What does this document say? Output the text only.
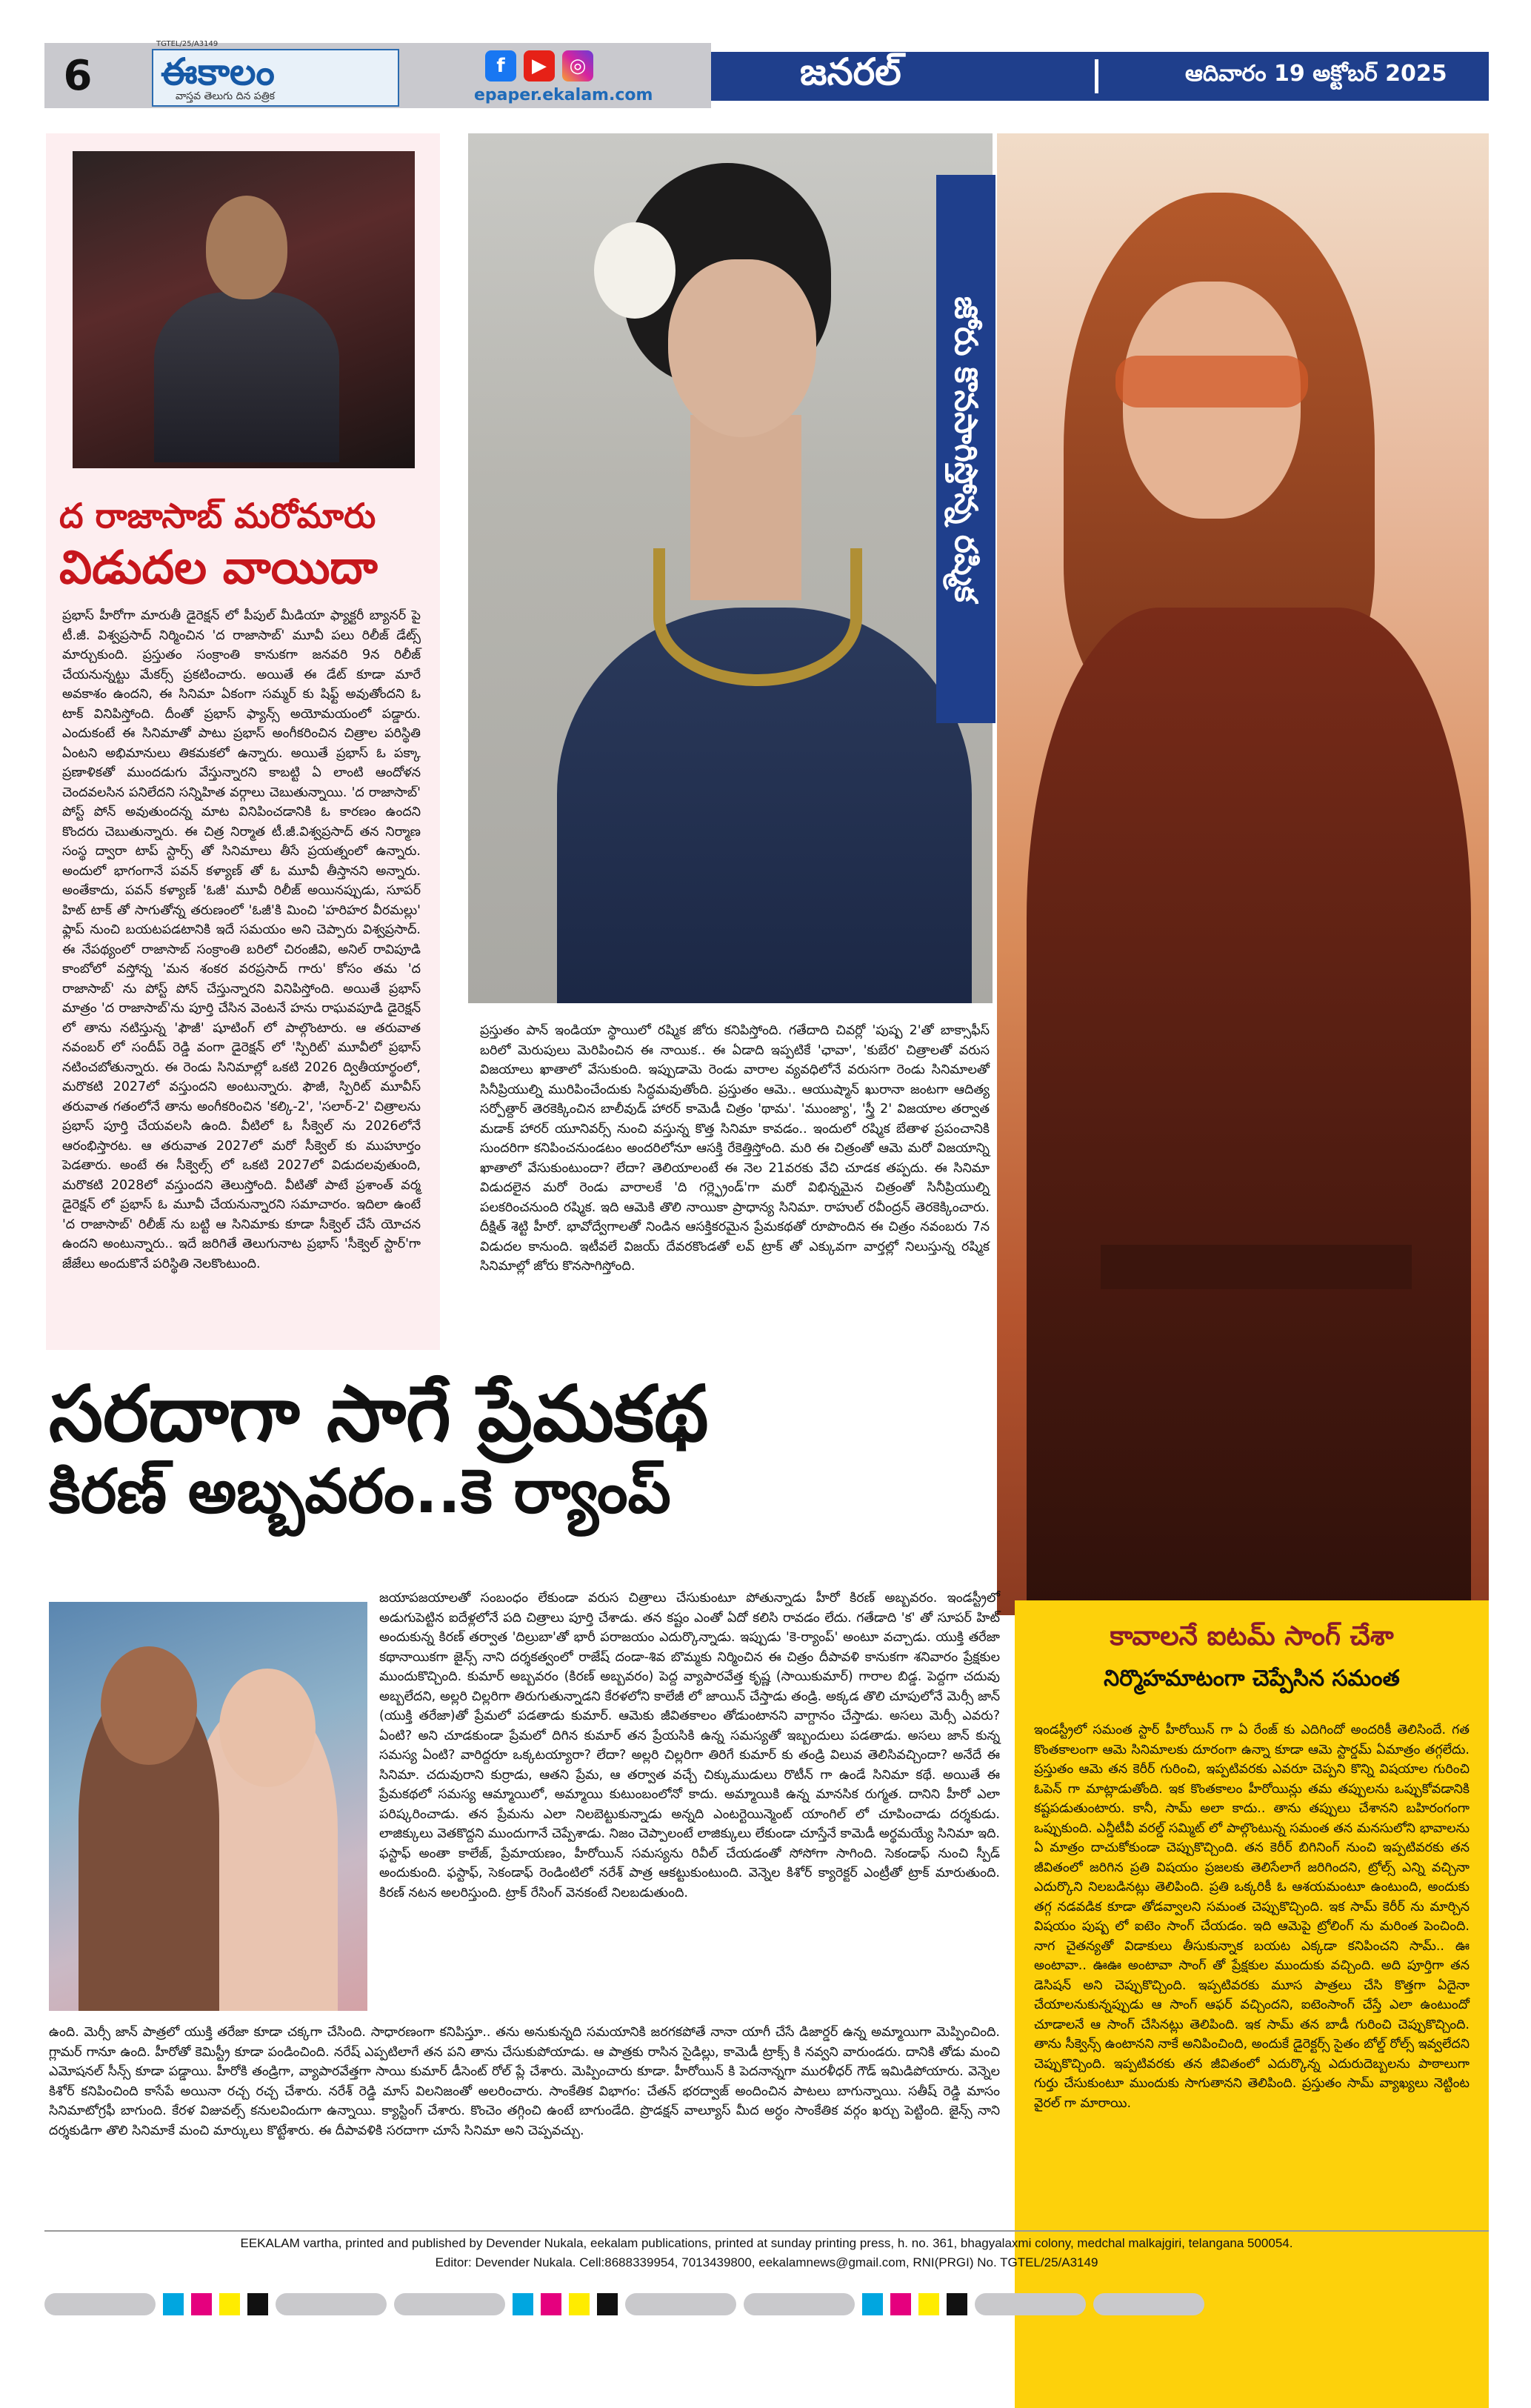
6
TGTEL/25/A3149
ఈకాలం
వాస్తవ తెలుగు దిన పత్రిక
f	▶	◎
epaper.ekalam.com
జనరల్	ఆదివారం 19 అక్టోబర్ 2025
ద రాజాసాబ్ మరోమారు
విడుదల వాయిదా
ప్రభాస్ హీరోగా మారుతీ డైరెక్షన్ లో పీపుల్ మీడియా ఫ్యాక్టరీ బ్యానర్ పై టీ.జీ. విశ్వప్రసాద్ నిర్మించిన 'ద రాజాసాబ్' మూవీ పలు రిలీజ్ డేట్స్ మార్చుకుంది. ప్రస్తుతం సంక్రాంతి కానుకగా జనవరి 9న రిలీజ్ చేయనున్నట్టు మేకర్స్ ప్రకటించారు. అయితే ఈ డేట్ కూడా మారే అవకాశం ఉందని, ఈ సినిమా ఏకంగా సమ్మర్ కు షిఫ్ట్ అవుతోందని ఓ టాక్ వినిపిస్తోంది. దీంతో ప్రభాస్ ఫ్యాన్స్ అయోమయంలో పడ్డారు. ఎందుకంటే ఈ సినిమాతో పాటు ప్రభాస్ అంగీకరించిన చిత్రాల పరిస్థితి ఏంటని అభిమానులు తికమకలో ఉన్నారు. అయితే ప్రభాస్ ఓ పక్కా ప్రణాళికతో ముందడుగు వేస్తున్నారని కాబట్టి ఏ లాంటి ఆందోళన చెందవలసిన పనిలేదని సన్నిహిత వర్గాలు చెబుతున్నాయి. 'ద రాజాసాబ్' పోస్ట్ పోన్ అవుతుందన్న మాట వినిపించడానికి ఓ కారణం ఉందని కొందరు చెబుతున్నారు. ఈ చిత్ర నిర్మాత టీ.జీ.విశ్వప్రసాద్ తన నిర్మాణ సంస్థ ద్వారా టాప్ స్టార్స్ తో సినిమాలు తీసే ప్రయత్నంలో ఉన్నారు. అందులో భాగంగానే పవన్ కళ్యాణ్ తో ఓ మూవీ తీస్తానని అన్నారు. అంతేకాదు, పవన్ కళ్యాణ్ 'ఓజీ' మూవీ రిలీజ్ అయినప్పుడు, సూపర్ హిట్ టాక్ తో సాగుతోన్న తరుణంలో 'ఓజీ'కి మించి 'హరిహర వీరమల్లు' ఫ్లాప్ నుంచి బయటపడటానికి ఇదే సమయం అని చెప్పారు విశ్వప్రసాద్. ఈ నేపథ్యంలో రాజాసాబ్ సంక్రాంతి బరిలో చిరంజీవి, అనిల్ రావిపూడి కాంబోలో వస్తోన్న 'మన శంకర వరప్రసాద్ గారు' కోసం తమ 'ద రాజాసాబ్' ను పోస్ట్ పోన్ చేస్తున్నారని వినిపిస్తోంది. అయితే ప్రభాస్ మాత్రం 'ద రాజాసాబ్'ను పూర్తి చేసిన వెంటనే హను రాఘవపూడి డైరెక్షన్ లో తాను నటిస్తున్న 'ఫౌజీ' షూటింగ్ లో పాల్గొంటారు. ఆ తరువాత నవంబర్ లో సందీప్ రెడ్డి వంగా డైరెక్షన్ లో 'స్పిరిట్' మూవీలో ప్రభాస్ నటించబోతున్నారు. ఈ రెండు సినిమాల్లో ఒకటి 2026 ద్వితీయార్థంలో, మరొకటి 2027లో వస్తుందని అంటున్నారు. ఫౌజీ, స్పిరిట్ మూవీస్ తరువాత గతంలోనే తాను అంగీకరించిన 'కల్కి-2', 'సలార్-2' చిత్రాలను ప్రభాస్ పూర్తి చేయవలసి ఉంది. వీటిలో ఓ సీక్వెల్ ను 2026లోనే ఆరంభిస్తారట. ఆ తరువాత 2027లో మరో సీక్వెల్ కు ముహూర్తం పెడతారు. అంటే ఈ సీక్వెల్స్ లో ఒకటి 2027లో విడుదలవుతుంది, మరొకటి 2028లో వస్తుందని తెలుస్తోంది. వీటితో పాటే ప్రశాంత్ వర్మ డైరెక్షన్ లో ప్రభాస్ ఓ మూవీ చేయనున్నారని సమాచారం. ఇదిలా ఉంటే 'ద రాజాసాబ్' రిలీజ్ ను బట్టి ఆ సినిమాకు కూడా సీక్వెల్ చేసే యోచన ఉందని అంటున్నారు.. ఇదే జరిగితే తెలుగునాట ప్రభాస్ 'సీక్వెల్ స్టార్'గా జేజేలు అందుకొనే పరిస్థితి నెలకొంటుంది.
జోరు కొనసాగిస్తోన్న రష్మిక
ప్రస్తుతం పాన్ ఇండియా స్థాయిలో రష్మిక జోరు కనిపిస్తోంది. గతేదాది చివర్లో 'పుష్ప 2'తో బాక్సాఫీస్ బరిలో మెరుపులు మెరిపించిన ఈ నాయిక.. ఈ ఏడాది ఇప్పటికే 'ఛావా', 'కుబేర' చిత్రాలతో వరుస విజయాలు ఖాతాలో వేసుకుంది. ఇప్పుడామె రెండు వారాల వ్యవధిలోనే వరుసగా రెండు సినిమాలతో సినీప్రియుల్ని మురిపించేందుకు సిద్ధమవుతోంది. ప్రస్తుతం ఆమె.. ఆయుష్మాన్ ఖురానా జంటగా ఆదిత్య సర్పోత్దార్ తెరకెక్కించిన బాలీవుడ్ హారర్ కామెడీ చిత్రం 'థామ'. 'ముంజ్యా', 'స్త్రీ 2' విజయాల తర్వాత మడాక్ హారర్ యూనివర్స్ నుంచి వస్తున్న కొత్త సినిమా కావడం.. ఇందులో రష్మిక బేతాళ ప్రపంచానికి సుందరిగా కనిపించనుండటం అందరిలోనూ ఆసక్తి రేకెత్తిస్తోంది. మరి ఈ చిత్రంతో ఆమె మరో విజయాన్ని ఖాతాలో వేసుకుంటుందా? లేదా? తెలియాలంటే ఈ నెల 21వరకు వేచి చూడక తప్పదు. ఈ సినిమా విడుదలైన మరో రెండు వారాలకే 'ది గర్ల్ఫ్రెండ్'గా మరో విభిన్నమైన చిత్రంతో సినీప్రియుల్ని పలకరించనుంది రష్మిక. ఇది ఆమెకి తొలి నాయికా ప్రాధాన్య సినిమా. రాహుల్ రవీంద్రన్ తెరకెక్కించారు. దీక్షిత్ శెట్టి హీరో. భావోద్వేగాలతో నిండిన ఆసక్తికరమైన ప్రేమకథతో రూపొందిన ఈ చిత్రం నవంబరు 7న విడుదల కానుంది. ఇటీవలే విజయ్ దేవరకొండతో లవ్ ట్రాక్ తో ఎక్కువగా వార్తల్లో నిలుస్తున్న రష్మిక సినిమాల్లో జోరు కొనసాగిస్తోంది.
సరదాగా సాగే ప్రేమకథ
కిరణ్ అబ్బవరం..కె ర్యాంప్
జయాపజయాలతో సంబంధం లేకుండా వరుస చిత్రాలు చేసుకుంటూ పోతున్నాడు హీరో కిరణ్ అబ్బవరం. ఇండస్ట్రీలో అడుగుపెట్టిన ఐదేళ్లలోనే పది చిత్రాలు పూర్తి చేశాడు. తన కష్టం ఎంతో ఏదో కలిసి రావడం లేదు. గతేడాది 'క' తో సూపర్ హిట్ అందుకున్న కిరణ్ తర్వాత 'దిల్రుబా'తో భారీ పరాజయం ఎదుర్కొన్నాడు. ఇప్పుడు 'కె-ర్యాంప్' అంటూ వచ్చాడు. యుక్తి తరేజా కథానాయికగా జైన్స్ నాని దర్శకత్వంలో రాజేష్ దండా-శివ బొమ్మకు నిర్మించిన ఈ చిత్రం దీపావళి కానుకగా శనివారం ప్రేక్షకుల ముందుకొచ్చింది. కుమార్ అబ్బవరం (కిరణ్ అబ్బవరం) పెద్ద వ్యాపారవేత్త కృష్ణ (సాయికుమార్) గారాల బిడ్డ. పెద్దగా చదువు అబ్బలేదని, అల్లరి చిల్లరిగా తిరుగుతున్నాడని కేరళలోని కాలేజీ లో జాయిన్ చేస్తాడు తండ్రి. అక్కడ తొలి చూపులోనే మెర్సీ జాన్ (యుక్తి తరేజా)తో ప్రేమలో పడతాడు కుమార్. ఆమెకు జీవితకాలం తోడుంటానని వాగ్దానం చేస్తాడు. అసలు మెర్సీ ఎవరు? ఏంటి? అని చూడకుండా ప్రేమలో దిగిన కుమార్ తన ప్రేయసికి ఉన్న సమస్యతో ఇబ్బందులు పడతాడు. అసలు జాన్ కున్న సమస్య ఏంటి? వారిద్దరూ ఒక్కటయ్యారా? లేదా? అల్లరి చిల్లరిగా తిరిగే కుమార్ కు తండ్రి విలువ తెలిసివచ్చిందా? అనేదే ఈ సినిమా. చదువురాని కుర్రాడు, ఆతని ప్రేమ, ఆ తర్వాత వచ్చే చిక్కుముడులు రొటీన్ గా ఉండే సినిమా కథే. అయితే ఈ ప్రేమకథలో సమస్య ఆమ్మాయిలో, అమ్మాయి కుటుంబంలోనో కాదు. అమ్మాయికి ఉన్న మానసిక రుగ్మత. దానిని హీరో ఎలా పరిష్కరించాడు. తన ప్రేమను ఎలా నిలబెట్టుకున్నాడు అన్నది ఎంటర్టెయిన్మెంట్ యాంగిల్ లో చూపించాడు దర్శకుడు. లాజిక్కులు వెతకొద్దని ముందుగానే చెప్పేశాడు. నిజం చెప్పాలంటే లాజిక్కులు లేకుండా చూస్తేనే కామెడీ అర్థమయ్యే సినిమా ఇది. ఫస్టాఫ్ అంతా కాలేజ్, ప్రేమాయణం, హీరోయిన్ సమస్యను రివీల్ చేయడంతో సోసోగా సాగింది. సెకండాఫ్ నుంచి స్పీడ్ అందుకుంది. ఫస్టాఫ్, సెకండాఫ్ రెండింటిలో నరేశ్ పాత్ర ఆకట్టుకుంటుంది. వెన్నెల కిశోర్ క్యారెక్టర్ ఎంట్రీతో ట్రాక్ మారుతుంది. కిరణ్ నటన అలరిస్తుంది. ట్రాక్ రేసింగ్ వెనకంటే నిలబడుతుంది.
ఉంది. మెర్సీ జాన్ పాత్రలో యుక్తి తరేజా కూడా చక్కగా చేసింది. సాధారణంగా కనిపిస్తూ.. తను అనుకున్నది సమయానికి జరగకపోతే నానా యాగీ చేసే డిజార్డర్ ఉన్న అమ్మాయిగా మెప్పించింది. గ్లామర్ గానూ ఉంది. హీరోతో కెమిస్ట్రీ కూడా పండించింది. నరేష్ ఎప్పటిలాగే తన పని తాను చేసుకుపోయాడు. ఆ పాత్రకు రాసిన సైడిల్లు, కామెడీ ట్రాక్స్ కి నవ్వని వారుండరు. దానికి తోడు మంచి ఎమోషనల్ సీన్స్ కూడా పడ్డాయి. హీరోకి తండ్రిగా, వ్యాపారవేత్తగా సాయి కుమార్ డీసెంట్ రోల్ ప్లే చేశారు. మెప్పించారు కూడా. హీరోయిన్ కి పెదనాన్నగా మురళీధర్ గౌడ్ ఇమిడిపోయారు. వెన్నెల కిశోర్ కనిపించింది కాసేపే అయినా రచ్చ రచ్చ చేశారు. నరేశ్ రెడ్డి మాస్ విలనిజంతో అలరించారు. సాంకేతిక విభాగం: చేతన్ భరద్వాజ్ అందించిన పాటలు బాగున్నాయి. సతీష్ రెడ్డి మాసం సినిమాటోగ్రఫీ బాగుంది. కేరళ విజువల్స్ కనులవిందుగా ఉన్నాయి. క్యాస్టింగ్ చేశారు. కొంచెం తగ్గించి ఉంటే బాగుండేది. ప్రొడక్షన్ వాల్యూస్ మీద అర్ధం సాంకేతిక వర్గం ఖర్చు పెట్టింది. జైన్స్ నాని దర్శకుడిగా తొలి సినిమాకే మంచి మార్కులు కొట్టేశారు. ఈ దీపావళికి సరదాగా చూసే సినిమా అని చెప్పవచ్చు.
కావాలనే ఐటమ్ సాంగ్ చేశా
నిర్మొహమాటంగా చెప్పేసిన సమంత
ఇండస్ట్రీలో సమంత స్టార్ హీరోయిన్ గా ఏ రేంజ్ కు ఎదిగిందో అందరికీ తెలిసిందే. గత కొంతకాలంగా ఆమె సినిమాలకు దూరంగా ఉన్నా కూడా ఆమె స్టార్డమ్ ఏమాత్రం తగ్గలేదు. ప్రస్తుతం ఆమె తన కెరీర్ గురించి, ఇప్పటివరకు ఎవరూ చెప్పని కొన్ని విషయాల గురించి ఓపెన్ గా మాట్లాడుతోంది. ఇక కొంతకాలం హీరోయిన్లు తమ తప్పులను ఒప్పుకోవడానికి కష్టపడుతుంటారు. కానీ, సామ్ అలా కాదు.. తాను తప్పులు చేశానని బహిరంగంగా ఒప్పుకుంది. ఎన్డీటీవీ వరల్డ్ సమ్మిట్ లో పాల్గొంటున్న సమంత తన మనసులోని భావాలను ఏ మాత్రం దాచుకోకుండా చెప్పుకొచ్చింది. తన కెరీర్ బిగినింగ్ నుంచి ఇప్పటివరకు తన జీవితంలో జరిగిన ప్రతి విషయం ప్రజలకు తెలిసేలాగే జరిగిందని, ట్రోల్స్ ఎన్ని వచ్చినా ఎదుర్కొని నిలబడినట్లు తెలిపింది. ప్రతి ఒక్కరికీ ఓ ఆశయమంటూ ఉంటుంది, అందుకు తగ్గ నడవడిక కూడా తోడవ్వాలని సమంత చెప్పుకొచ్చింది. ఇక సామ్ కెరీర్ ను మార్చిన విషయం పుష్ప లో ఐటెం సాంగ్ చేయడం. ఇది ఆమెపై ట్రోలింగ్ ను మరింత పెంచింది. నాగ చైతన్యతో విడాకులు తీసుకున్నాక బయట ఎక్కడా కనిపించని సామ్.. ఊ అంటావా.. ఊఊ అంటావా సాంగ్ తో ప్రేక్షకుల ముందుకు వచ్చింది. అది పూర్తిగా తన డెసిషన్ అని చెప్పుకొచ్చింది. ఇప్పటివరకు మూస పాత్రలు చేసి కొత్తగా ఏదైనా చేయాలనుకున్నప్పుడు ఆ సాంగ్ ఆఫర్ వచ్చిందని, ఐటెంసాంగ్ చేస్తే ఎలా ఉంటుందో చూడాలనే ఆ సాంగ్ చేసినట్లు తెలిపింది. ఇక సామ్ తన బాడీ గురించి చెప్పుకొచ్చింది. తాను సీక్వెన్స్ ఉంటానని నాకే అనిపించింది, అందుకే డైరెక్టర్స్ సైతం బోల్డ్ రోల్స్ ఇవ్వలేదని చెప్పుకొచ్చింది. ఇప్పటివరకు తన జీవితంలో ఎదుర్కొన్న ఎదురుదెబ్బలను పాఠాలుగా గుర్తు చేసుకుంటూ ముందుకు సాగుతానని తెలిపింది. ప్రస్తుతం సామ్ వ్యాఖ్యలు నెట్టింట వైరల్ గా మారాయి.
EEKALAM vartha, printed and published by Devender Nukala, eekalam publications, printed at sunday printing press, h. no. 361, bhagyalaxmi colony, medchal malkajgiri, telangana 500054.
Editor: Devender Nukala. Cell:8688339954, 7013439800, eekalamnews@gmail.com, RNI(PRGI) No. TGTEL/25/A3149
